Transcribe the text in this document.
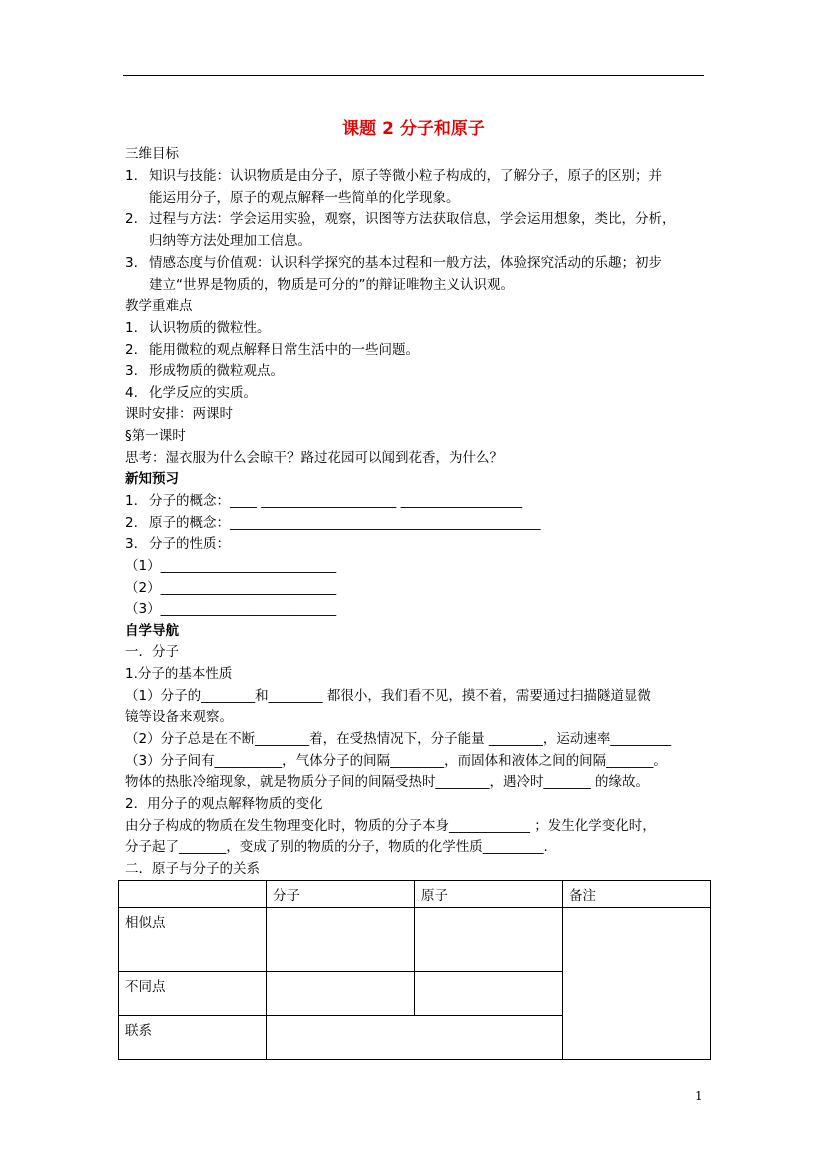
课题 2 分子和原子
三维目标
1. 知识与技能：认识物质是由分子，原子等微小粒子构成的，了解分子，原子的区别；并
能运用分子，原子的观点解释一些简单的化学现象。
2. 过程与方法：学会运用实验，观察，识图等方法获取信息，学会运用想象，类比，分析，
归纳等方法处理加工信息。
3. 情感态度与价值观：认识科学探究的基本过程和一般方法，体验探究活动的乐趣；初步
建立“世界是物质的，物质是可分的”的辩证唯物主义认识观。
教学重难点
1. 认识物质的微粒性。
2. 能用微粒的观点解释日常生活中的一些问题。
3. 形成物质的微粒观点。
4. 化学反应的实质。
课时安排：两课时
§第一课时
思考：湿衣服为什么会晾干？路过花园可以闻到花香，为什么？
新知预习
1. 分子的概念：____ ____________________ __________________
2. 原子的概念：______________________________________________
3. 分子的性质：
（1）__________________________
（2）__________________________
（3）__________________________
自学导航
一．分子
1.分子的基本性质
（1）分子的________和________ 都很小，我们看不见，摸不着，需要通过扫描隧道显微
镜等设备来观察。
（2）分子总是在不断________着，在受热情况下，分子能量 ________，运动速率_________
（3）分子间有__________，气体分子的间隔________，而固体和液体之间的间隔_______。
物体的热胀冷缩现象，就是物质分子间的间隔受热时________，遇冷时_______ 的缘故。
2．用分子的观点解释物质的变化
由分子构成的物质在发生物理变化时，物质的分子本身____________ ；发生化学变化时，
分子起了_______，变成了别的物质的分子，物质的化学性质_________.
二．原子与分子的关系
	分子	原子	备注
相似点			
不同点			
联系			
1
